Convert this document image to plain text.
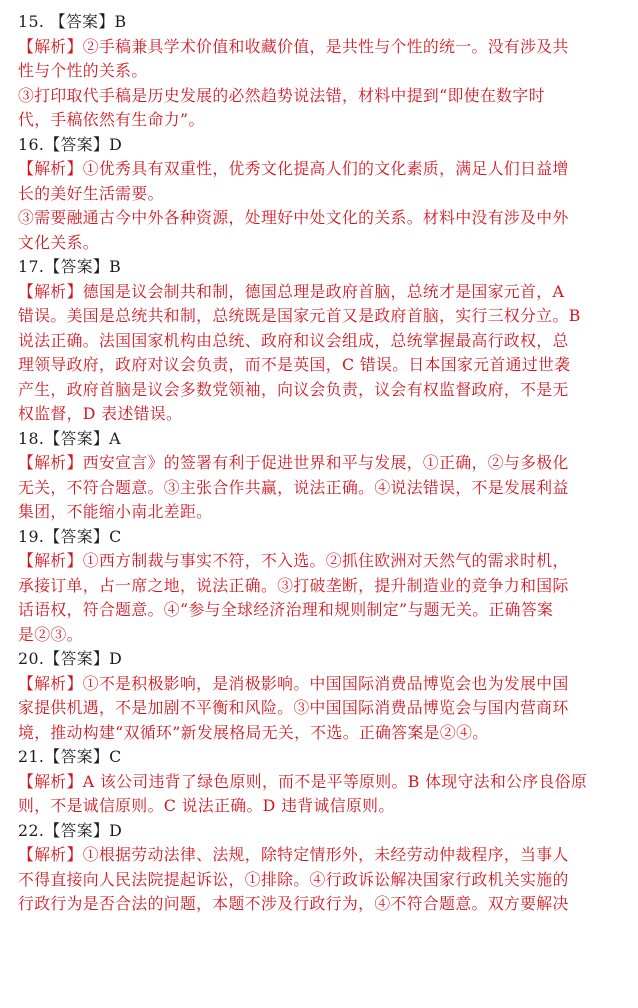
15. 【答案】B
【解析】②手稿兼具学术价值和收藏价值，是共性与个性的统一。没有涉及共
性与个性的关系。
③打印取代手稿是历史发展的必然趋势说法错，材料中提到“即使在数字时
代，手稿依然有生命力”。
16.【答案】D
【解析】①优秀具有双重性，优秀文化提高人们的文化素质，满足人们日益增
长的美好生活需要。
③需要融通古今中外各种资源，处理好中处文化的关系。材料中没有涉及中外
文化关系。
17.【答案】B
【解析】德国是议会制共和制，德国总理是政府首脑，总统才是国家元首，A
错误。美国是总统共和制，总统既是国家元首又是政府首脑，实行三权分立。B
说法正确。法国国家机构由总统、政府和议会组成，总统掌握最高行政权，总
理领导政府，政府对议会负责，而不是英国，C 错误。日本国家元首通过世袭
产生，政府首脑是议会多数党领袖，向议会负责，议会有权监督政府，不是无
权监督，D 表述错误。
18.【答案】A
【解析】西安宣言》的签署有利于促进世界和平与发展，①正确，②与多极化
无关，不符合题意。③主张合作共赢，说法正确。④说法错误，不是发展利益
集团，不能缩小南北差距。
19.【答案】C
【解析】①西方制裁与事实不符，不入选。②抓住欧洲对天然气的需求时机，
承接订单，占一席之地，说法正确。③打破垄断，提升制造业的竞争力和国际
话语权，符合题意。④“参与全球经济治理和规则制定”与题无关。正确答案
是②③。
20.【答案】D
【解析】①不是积极影响，是消极影响。中国国际消费品博览会也为发展中国
家提供机遇，不是加剧不平衡和风险。③中国国际消费品博览会与国内营商环
境，推动构建“双循环”新发展格局无关，不选。正确答案是②④。
21.【答案】C
【解析】A 该公司违背了绿色原则，而不是平等原则。B 体现守法和公序良俗原
则，不是诚信原则。C 说法正确。D 违背诚信原则。
22.【答案】D
【解析】①根据劳动法律、法规，除特定情形外，未经劳动仲裁程序，当事人
不得直接向人民法院提起诉讼，①排除。④行政诉讼解决国家行政机关实施的
行政行为是否合法的问题，本题不涉及行政行为，④不符合题意。双方要解决
